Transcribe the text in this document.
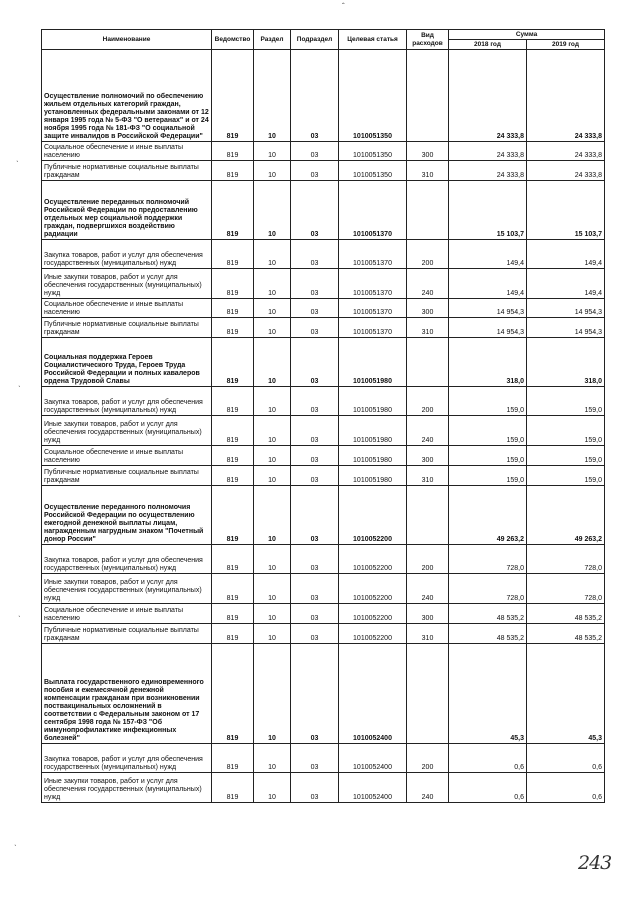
Наименование	Ведомство	Раздел	Подраздел	Целевая статья	Вид расходов	Сумма	
						2018 год	2019 год
Осуществление полномочий по обеспечению жильем отдельных категорий граждан, установленных федеральными законами от 12 января 1995 года № 5-ФЗ "О ветеранах" и от 24 ноября 1995 года № 181-ФЗ "О социальной защите инвалидов в Российской Федерации"	819	10	03	1010051350		24 333,8	24 333,8
Социальное обеспечение и иные выплаты населению	819	10	03	1010051350	300	24 333,8	24 333,8
Публичные нормативные социальные выплаты гражданам	819	10	03	1010051350	310	24 333,8	24 333,8
Осуществление переданных полномочий Российской Федерации по предоставлению отдельных мер социальной поддержки граждан, подвергшихся воздействию радиации	819	10	03	1010051370		15 103,7	15 103,7
Закупка товаров, работ и услуг для обеспечения государственных (муниципальных) нужд	819	10	03	1010051370	200	149,4	149,4
Иные закупки товаров, работ и услуг для обеспечения государственных (муниципальных) нужд	819	10	03	1010051370	240	149,4	149,4
Социальное обеспечение и иные выплаты населению	819	10	03	1010051370	300	14 954,3	14 954,3
Публичные нормативные социальные выплаты гражданам	819	10	03	1010051370	310	14 954,3	14 954,3
Социальная поддержка Героев Социалистического Труда, Героев Труда Российской Федерации и полных кавалеров ордена Трудовой Славы	819	10	03	1010051980		318,0	318,0
Закупка товаров, работ и услуг для обеспечения государственных (муниципальных) нужд	819	10	03	1010051980	200	159,0	159,0
Иные закупки товаров, работ и услуг для обеспечения государственных (муниципальных) нужд	819	10	03	1010051980	240	159,0	159,0
Социальное обеспечение и иные выплаты населению	819	10	03	1010051980	300	159,0	159,0
Публичные нормативные социальные выплаты гражданам	819	10	03	1010051980	310	159,0	159,0
Осуществление переданного полномочия Российской Федерации по осуществлению ежегодной денежной выплаты лицам, награжденным нагрудным знаком "Почетный донор России"	819	10	03	1010052200		49 263,2	49 263,2
Закупка товаров, работ и услуг для обеспечения государственных (муниципальных) нужд	819	10	03	1010052200	200	728,0	728,0
Иные закупки товаров, работ и услуг для обеспечения государственных (муниципальных) нужд	819	10	03	1010052200	240	728,0	728,0
Социальное обеспечение и иные выплаты населению	819	10	03	1010052200	300	48 535,2	48 535,2
Публичные нормативные социальные выплаты гражданам	819	10	03	1010052200	310	48 535,2	48 535,2
Выплата государственного единовременного пособия и ежемесячной денежной компенсации гражданам при возникновении поствакцинальных осложнений в соответствии с Федеральным законом от 17 сентября 1998 года № 157-ФЗ "Об иммунопрофилактике инфекционных болезней"	819	10	03	1010052400		45,3	45,3
Закупка товаров, работ и услуг для обеспечения государственных (муниципальных) нужд	819	10	03	1010052400	200	0,6	0,6
Иные закупки товаров, работ и услуг для обеспечения государственных (муниципальных) нужд	819	10	03	1010052400	240	0,6	0,6
ˆ
ˋ
ˋ
ˋ
ˋ
243
